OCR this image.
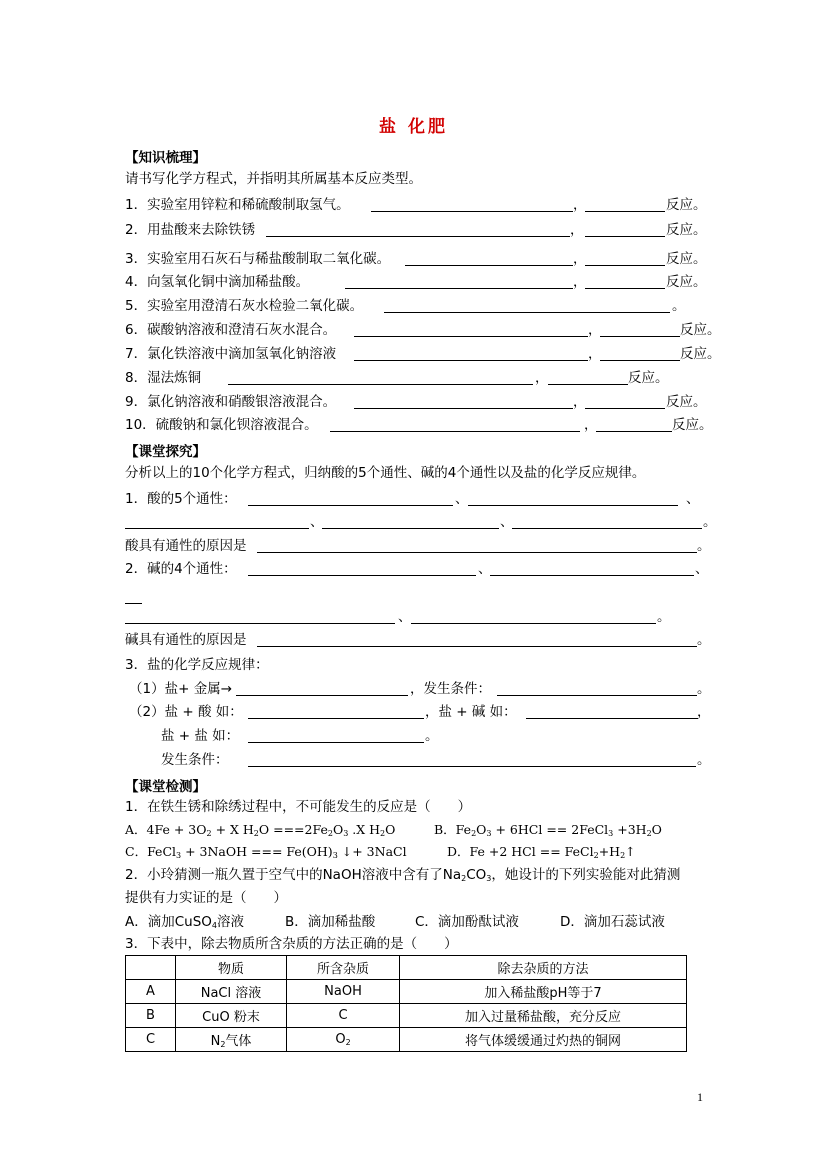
盐 化肥
【知识梳理】
请书写化学方程式，并指明其所属基本反应类型。
1．实验室用锌粒和稀硫酸制取氢气。	，	反应。
2．用盐酸来去除铁锈	，	反应。
3．实验室用石灰石与稀盐酸制取二氧化碳。	，	反应。
4．向氢氧化铜中滴加稀盐酸。	，	反应。
5．实验室用澄清石灰水检验二氧化碳。	。
6．碳酸钠溶液和澄清石灰水混合。	，	反应。
7．氯化铁溶液中滴加氢氧化钠溶液	，	反应。
8．湿法炼铜	，	反应。
9．氯化钠溶液和硝酸银溶液混合。	，	反应。
10．硫酸钠和氯化钡溶液混合。	，	反应。
【课堂探究】
分析以上的10个化学方程式，归纳酸的5个通性、碱的4个通性以及盐的化学反应规律。
1．酸的5个通性：	、	、
、	、	。
酸具有通性的原因是	。
2．碱的4个通性：	、	、
、	。
碱具有通性的原因是	。
3．盐的化学反应规律：
（1）盐+ 金属→	，发生条件：	。
（2）盐 + 酸 如：	，盐 + 碱 如：	，
盐 + 盐 如：	。
发生条件：	。
【课堂检测】
1．在铁生锈和除绣过程中，不可能发生的反应是（　　）
A．$4Fe + 3O_2 + X$ $H_2O ===2Fe_2O_3$ .X $H_2O$	B．$Fe_2O_3 + 6HCl$ == 2FeCl$_3$ $+3H_2O$
C．FeCl$_3$ + 3NaOH === $Fe(OH)_3$ ↓+ 3NaCl	D．Fe +2 HCl == $FeCl_2+H_2↑$
2．小玲猜测一瓶久置于空气中的NaOH溶液中含有了$Na_2CO_3$，她设计的下列实验能对此猜测
提供有力实证的是（　　）
A．滴加CuSO$_4$溶液	B．滴加稀盐酸	C．滴加酚酞试液	D．滴加石蕊试液
3．下表中，除去物质所含杂质的方法正确的是（　　）
	物质	所含杂质	除去杂质的方法
A	NaCl 溶液	NaOH	加入稀盐酸pH等于7
B	CuO 粉末	C	加入过量稀盐酸，充分反应
C	$N_2$气体	$O_2$	将气体缓缓通过灼热的铜网
1
